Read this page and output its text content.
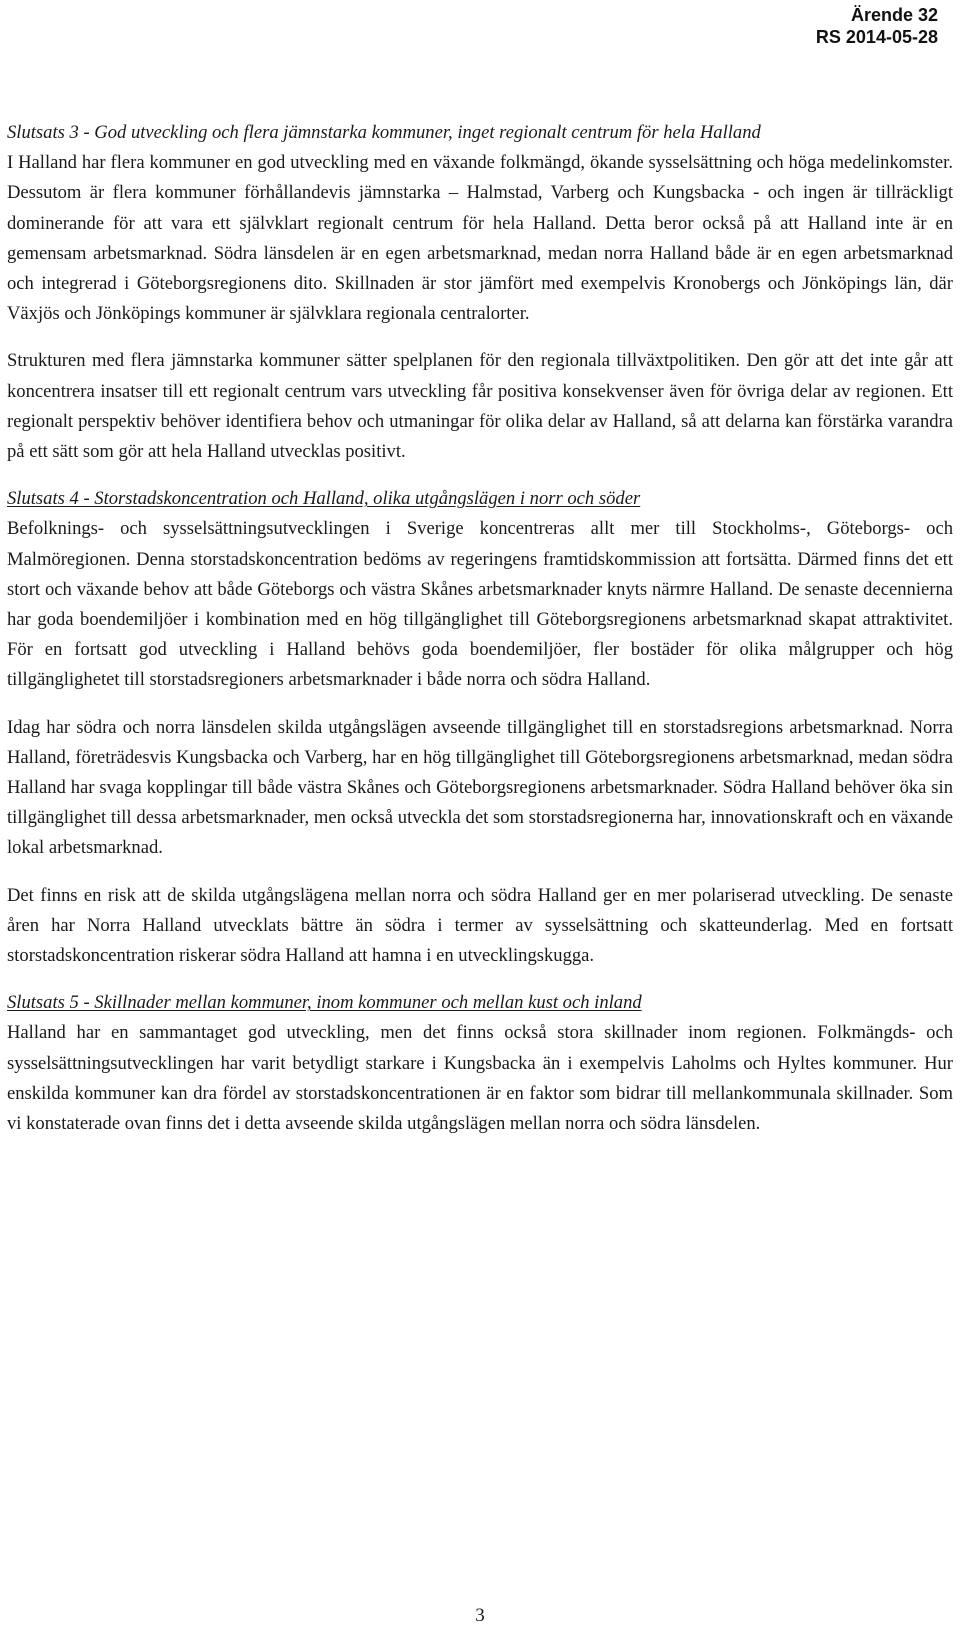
Ärende 32
RS 2014-05-28

Slutsats 3 - God utveckling och flera jämnstarka kommuner, inget regionalt centrum för hela Halland

I Halland har flera kommuner en god utveckling med en växande folkmängd, ökande sysselsättning och höga medelinkomster. Dessutom är flera kommuner förhållandevis jämnstarka – Halmstad, Varberg och Kungsbacka - och ingen är tillräckligt dominerande för att vara ett självklart regionalt centrum för hela Halland. Detta beror också på att Halland inte är en gemensam arbetsmarknad. Södra länsdelen är en egen arbetsmarknad, medan norra Halland både är en egen arbetsmarknad och integrerad i Göteborgsregionens dito. Skillnaden är stor jämfört med exempelvis Kronobergs och Jönköpings län, där Växjös och Jönköpings kommuner är självklara regionala centralorter.

Strukturen med flera jämnstarka kommuner sätter spelplanen för den regionala tillväxtpolitiken. Den gör att det inte går att koncentrera insatser till ett regionalt centrum vars utveckling får positiva konsekvenser även för övriga delar av regionen. Ett regionalt perspektiv behöver identifiera behov och utmaningar för olika delar av Halland, så att delarna kan förstärka varandra på ett sätt som gör att hela Halland utvecklas positivt.

Slutsats 4 - Storstadskoncentration och Halland, olika utgångslägen i norr och söder

Befolknings- och sysselsättningsutvecklingen i Sverige koncentreras allt mer till Stockholms-, Göteborgs- och Malmöregionen. Denna storstadskoncentration bedöms av regeringens framtidskommission att fortsätta. Därmed finns det ett stort och växande behov att både Göteborgs och västra Skånes arbetsmarknader knyts närmre Halland. De senaste decennierna har goda boendemiljöer i kombination med en hög tillgänglighet till Göteborgsregionens arbetsmarknad skapat attraktivitet. För en fortsatt god utveckling i Halland behövs goda boendemiljöer, fler bostäder för olika målgrupper och hög tillgänglighetet till storstadsregioners arbetsmarknader i både norra och södra Halland.

Idag har södra och norra länsdelen skilda utgångslägen avseende tillgänglighet till en storstadsregions arbetsmarknad. Norra Halland, företrädesvis Kungsbacka och Varberg, har en hög tillgänglighet till Göteborgsregionens arbetsmarknad, medan södra Halland har svaga kopplingar till både västra Skånes och Göteborgsregionens arbetsmarknader. Södra Halland behöver öka sin tillgänglighet till dessa arbetsmarknader, men också utveckla det som storstadsregionerna har, innovationskraft och en växande lokal arbetsmarknad.

Det finns en risk att de skilda utgångslägena mellan norra och södra Halland ger en mer polariserad utveckling. De senaste åren har Norra Halland utvecklats bättre än södra i termer av sysselsättning och skatteunderlag. Med en fortsatt storstadskoncentration riskerar södra Halland att hamna i en utvecklingskugga.

Slutsats 5 - Skillnader mellan kommuner, inom kommuner och mellan kust och inland

Halland har en sammantaget god utveckling, men det finns också stora skillnader inom regionen. Folkmängds- och sysselsättningsutvecklingen har varit betydligt starkare i Kungsbacka än i exempelvis Laholms och Hyltes kommuner. Hur enskilda kommuner kan dra fördel av storstadskoncentrationen är en faktor som bidrar till mellankommunala skillnader. Som vi konstaterade ovan finns det i detta avseende skilda utgångslägen mellan norra och södra länsdelen.

3
